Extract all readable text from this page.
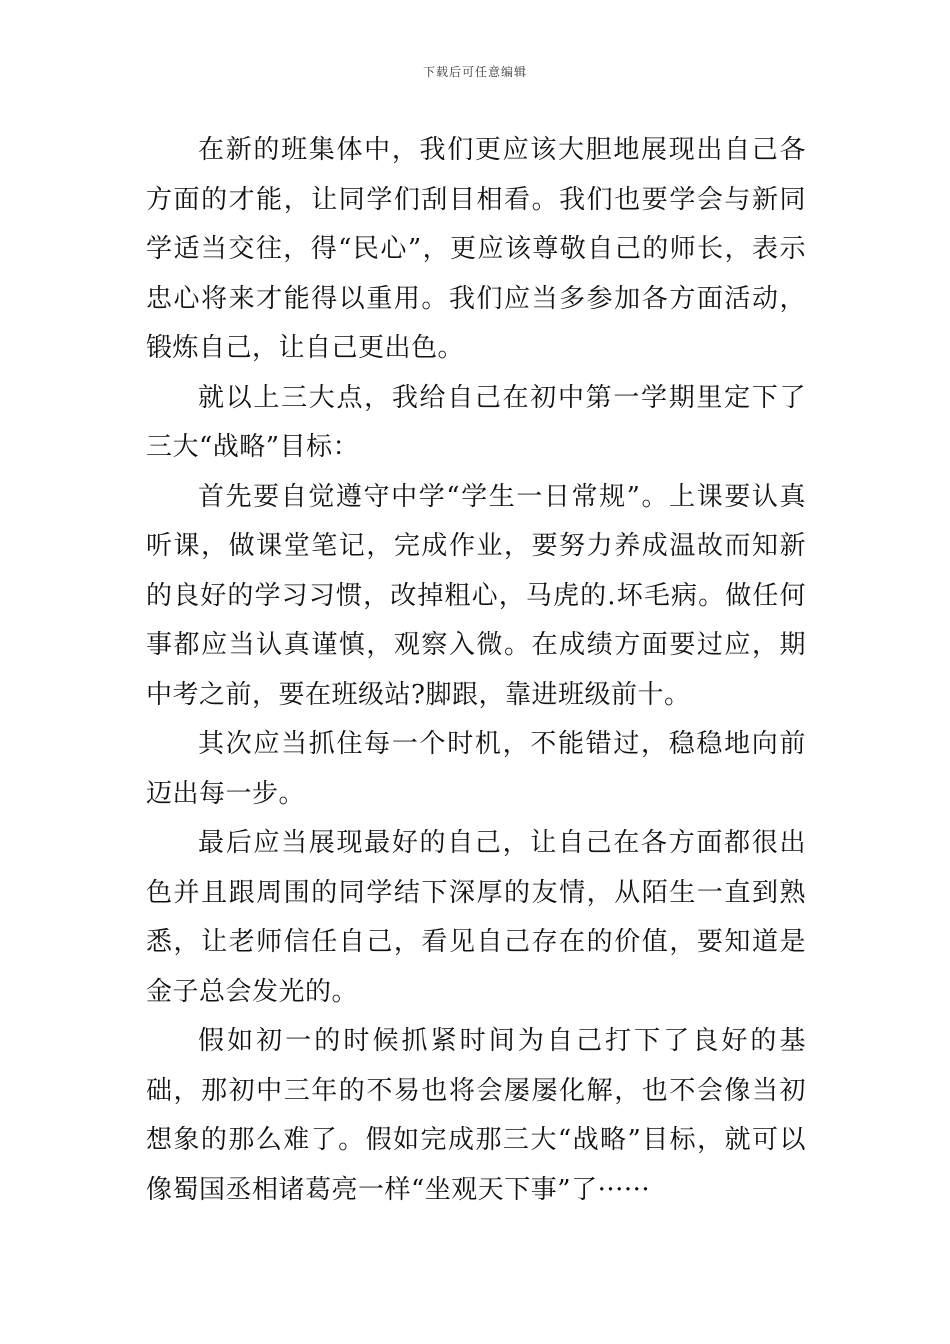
下载后可任意编辑

在新的班集体中，我们更应该大胆地展现出自己各方面的才能，让同学们刮目相看。我们也要学会与新同学适当交往，得“民心”，更应该尊敬自己的师长，表示忠心将来才能得以重用。我们应当多参加各方面活动，锻炼自己，让自己更出色。

就以上三大点，我给自己在初中第一学期里定下了三大“战略”目标：

首先要自觉遵守中学“学生一日常规”。上课要认真听课，做课堂笔记，完成作业，要努力养成温故而知新的良好的学习习惯，改掉粗心，马虎的.坏毛病。做任何事都应当认真谨慎，观察入微。在成绩方面要过应，期中考之前，要在班级站?脚跟，靠进班级前十。

其次应当抓住每一个时机，不能错过，稳稳地向前迈出每一步。

最后应当展现最好的自己，让自己在各方面都很出色并且跟周围的同学结下深厚的友情，从陌生一直到熟悉，让老师信任自己，看见自己存在的价值，要知道是金子总会发光的。

假如初一的时候抓紧时间为自己打下了良好的基础，那初中三年的不易也将会屡屡化解，也不会像当初想象的那么难了。假如完成那三大“战略”目标，就可以像蜀国丞相诸葛亮一样“坐观天下事”了······
